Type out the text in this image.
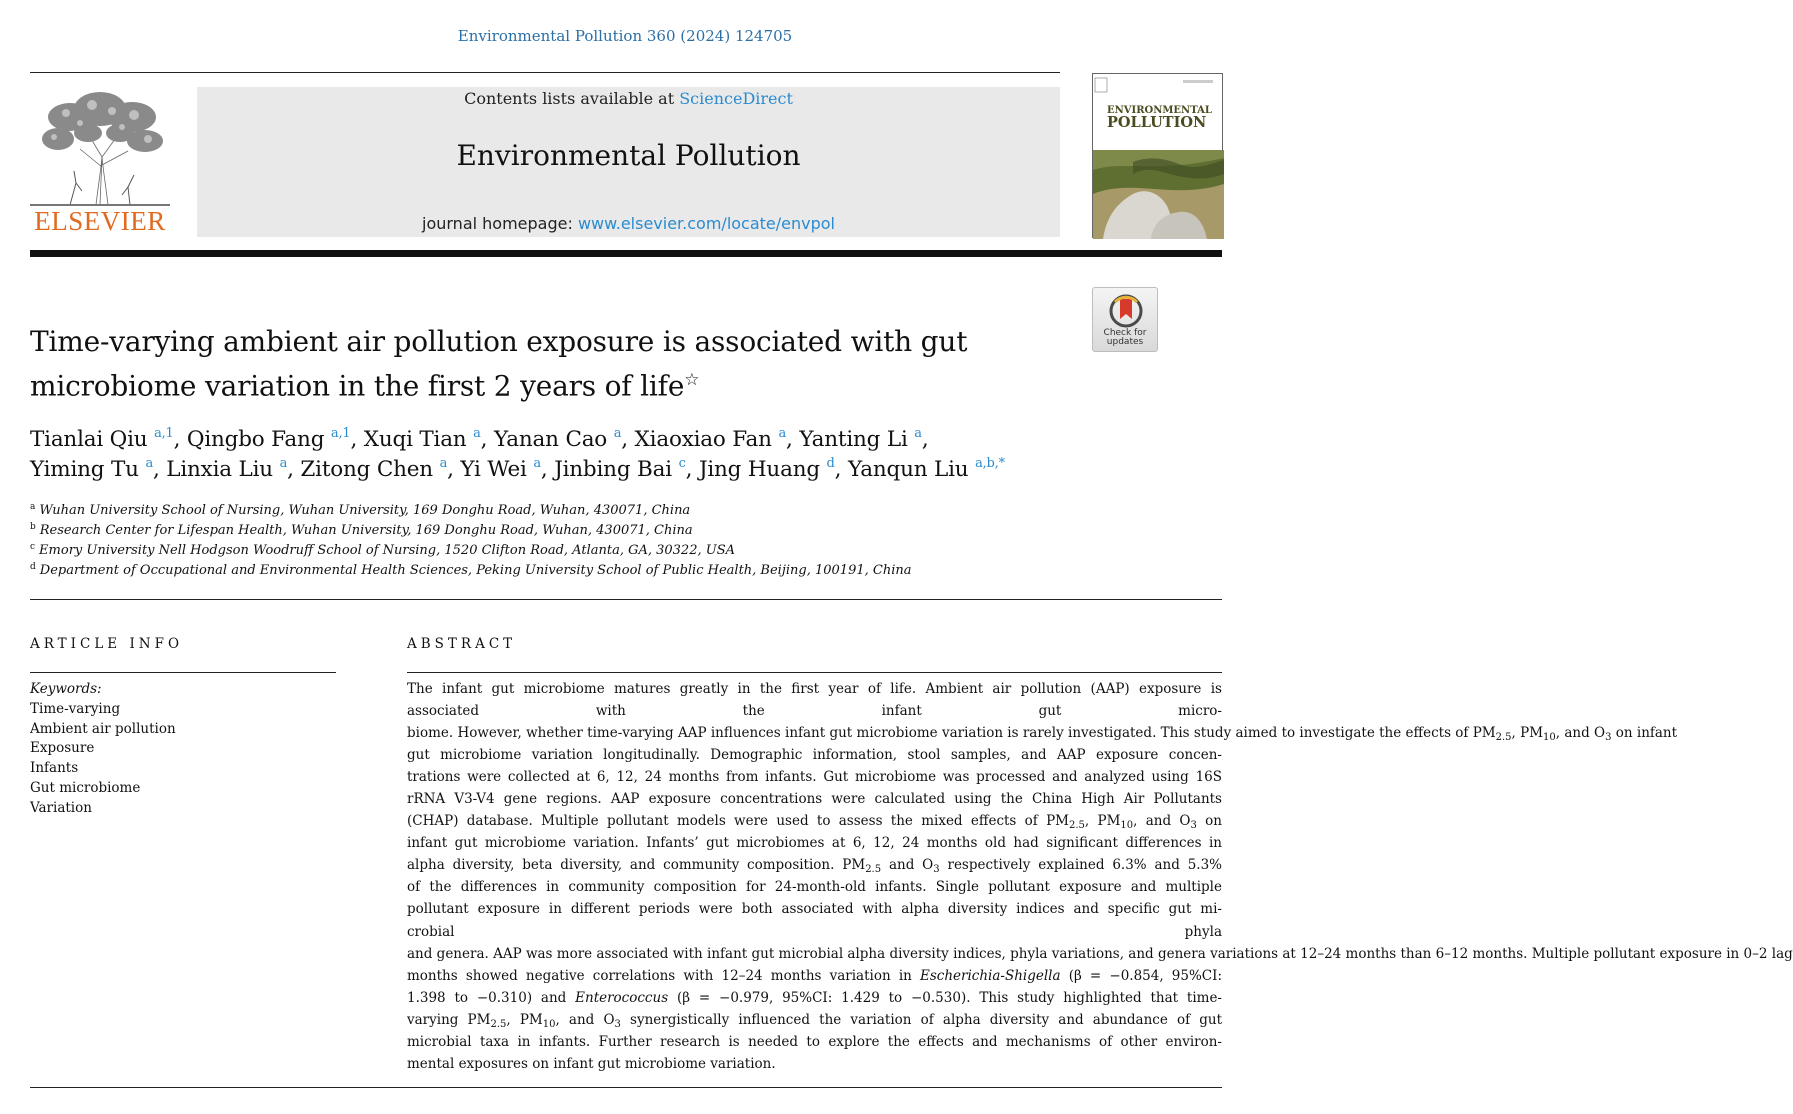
Environmental Pollution 360 (2024) 124705
ELSEVIER
Contents lists available at ScienceDirect
Environmental Pollution
journal homepage: www.elsevier.com/locate/envpol
ENVIRONMENTAL
POLLUTION
Check for
updates
Time-varying ambient air pollution exposure is associated with gut
microbiome variation in the first 2 years of life☆
Tianlai Qiu $^{a,1}$, Qingbo Fang $^{a,1}$, Xuqi Tian $^a$, Yanan Cao $^a$, Xiaoxiao Fan $^a$, Yanting Li $^a$,
Yiming Tu $^a$, Linxia Liu $^a$, Zitong Chen $^a$, Yi Wei $^a$, Jinbing Bai $^c$, Jing Huang $^d$, Yanqun Liu $^{a,b,*}$
$^a$ Wuhan University School of Nursing, Wuhan University, 169 Donghu Road, Wuhan, 430071, China
$^b$ Research Center for Lifespan Health, Wuhan University, 169 Donghu Road, Wuhan, 430071, China
$^c$ Emory University Nell Hodgson Woodruff School of Nursing, 1520 Clifton Road, Atlanta, GA, 30322, USA
$^d$ Department of Occupational and Environmental Health Sciences, Peking University School of Public Health, Beijing, 100191, China
ARTICLE INFO	ABSTRACT
Keywords:
Time-varying
Ambient air pollution
Exposure
Infants
Gut microbiome
Variation
The infant gut microbiome matures greatly in the first year of life. Ambient air pollution (AAP) exposure is
associated with the infant gut micro-
biome. However, whether time-varying AAP influences infant gut microbiome variation is rarely investigated. This study aimed to investigate the effects of $PM_{2.5}$, $PM_{10}$, and $O_3$ on infant
gut microbiome variation longitudinally. Demographic information, stool samples, and AAP exposure concen-
trations were collected at 6, 12, 24 months from infants. Gut microbiome was processed and analyzed using 16S
rRNA V3-V4 gene regions. AAP exposure concentrations were calculated using the China High Air Pollutants
(CHAP) database. Multiple pollutant models were used to assess the mixed effects of $PM_{2.5}$, $PM_{10}$, and $O_3$ on
infant gut microbiome variation. Infants’ gut microbiomes at 6, 12, 24 months old had significant differences in
alpha diversity, beta diversity, and community composition. $PM_{2.5}$ and $O_3$ respectively explained 6.3% and 5.3%
of the differences in community composition for 24-month-old infants. Single pollutant exposure and multiple
pollutant exposure in different periods were both associated with alpha diversity indices and specific gut mi-
crobial phyla
and genera. AAP was more associated with infant gut microbial alpha diversity indices, phyla variations, and genera variations at 12–24 months than 6–12 months. Multiple pollutant exposure in 0–2 lag
months showed negative correlations with 12–24 months variation in Escherichia-Shigella (β = −0.854, 95%CI:
1.398 to −0.310) and Enterococcus (β = −0.979, 95%CI: 1.429 to −0.530). This study highlighted that time-
varying $PM_{2.5}$, $PM_{10}$, and $O_3$ synergistically influenced the variation of alpha diversity and abundance of gut
microbial taxa in infants. Further research is needed to explore the effects and mechanisms of other environ-
mental exposures on infant gut microbiome variation.
